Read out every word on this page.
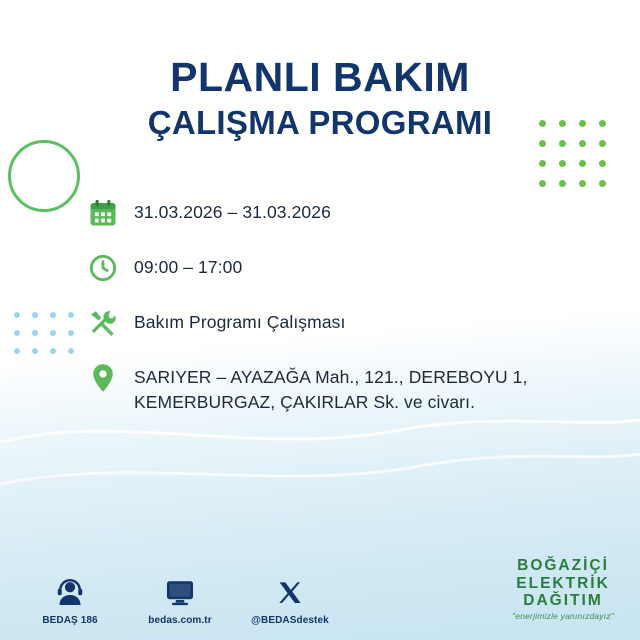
PLANLI BAKIM
ÇALIŞMA PROGRAMI
31.03.2026 – 31.03.2026
09:00 – 17:00
Bakım Programı Çalışması
SARIYER – AYAZAĞA Mah., 121., DEREBOYU 1, KEMERBURGAZ, ÇAKIRLAR Sk. ve civarı.
BEDAŞ 186	bedas.com.tr	@BEDASdestek
BOĞAZİÇİ
ELEKTRİK
DAĞITIM
"enerjimizle yanınızdayız"
